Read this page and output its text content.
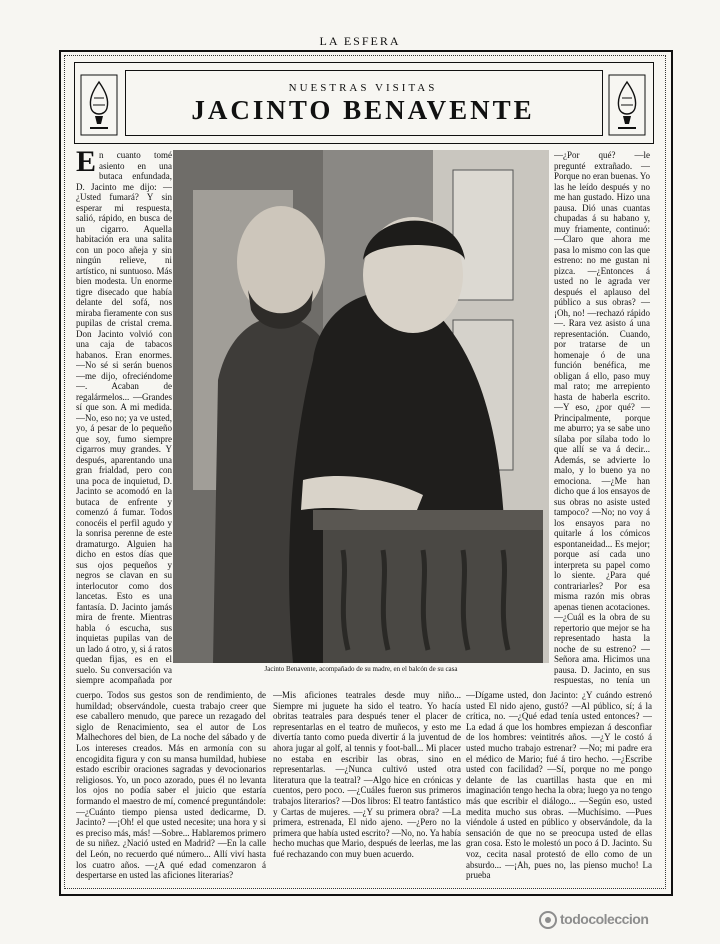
LA ESFERA
NUESTRAS VISITAS
JACINTO BENAVENTE
E n cuanto tomé asiento en una butaca enfundada, D. Jacinto me dijo: —¿Usted fumará? Y sin esperar mi respuesta, salió, rápido, en busca de un cigarro. Aquella habitación era una salita con un poco añeja y sin ningún relieve, ni artístico, ni suntuoso. Más bien modesta. Un enorme tigre disecado que había delante del sofá, nos miraba fieramente con sus pupilas de cristal crema. Don Jacinto volvió con una caja de tabacos habanos. Eran enormes. —No sé si serán buenos —me dijo, ofreciéndome—. Acaban de regalármelos... —Grandes sí que son. A mi medida. —No, eso no; ya ve usted, yo, á pesar de lo pequeño que soy, fumo siempre cigarros muy grandes. Y después, aparentando una gran frialdad, pero con una poca de inquietud, D. Jacinto se acomodó en la butaca de enfrente y comenzó á fumar. Todos conocéis el perfil agudo y la sonrisa perenne de este dramaturgo. Alguien ha dicho en estos días que sus ojos pequeños y negros se clavan en su interlocutor como dos lancetas. Esto es una fantasía. D. Jacinto jamás mira de frente. Mientras habla ó escucha, sus inquietas pupilas van de un lado á otro, y, si á ratos quedan fijas, es en el suelo. Su conversación va siempre acompañada por
Jacinto Benavente, acompañado de su madre, en el balcón de su casa
—¿Por qué? —le pregunté extrañado. —Porque no eran buenas. Yo las he leído después y no me han gustado. Hizo una pausa. Dió unas cuantas chupadas á su habano y, muy friamente, continuó: —Claro que ahora me pasa lo mismo con las que estreno: no me gustan ni pizca. —¿Entonces á usted no le agrada ver después el aplauso del público a sus obras? —¡Oh, no! —rechazó rápido—. Rara vez asisto á una representación. Cuando, por tratarse de un homenaje ó de una función benéfica, me obligan á ello, paso muy mal rato; me arrepiento hasta de haberla escrito. —Y eso, ¿por qué? —Principalmente, porque me aburro; ya se sabe uno sílaba por sílaba todo lo que allí se va á decir... Además, se advierte lo malo, y lo bueno ya no emociona. —¿Me han dicho que á los ensayos de sus obras no asiste usted tampoco? —No; no voy á los ensayos para no quitarle á los cómicos espontaneidad... Es mejor; porque así cada uno interpreta su papel como lo siente. ¿Para qué contrariarles? Por esa misma razón mis obras apenas tienen acotaciones. —¿Cuál es la obra de su repertorio que mejor se ha representado hasta la noche de su estreno? —Señora ama. Hicimos una pausa. D. Jacinto, en sus respuestas, no tenía un
cuerpo. Todos sus gestos son de rendimiento, de humildad; observándole, cuesta trabajo creer que ese caballero menudo, que parece un rezagado del siglo de Renacimiento, sea el autor de Los Malhechores del bien, de La noche del sábado y de Los intereses creados. Más en armonía con su encogidita figura y con su mansa humildad, hubiese estado escribir oraciones sagradas y devocionarios religiosos. Yo, un poco azorado, pues él no levanta los ojos no podía saber el juicio que estaría formando el maestro de mí, comencé preguntándole: —¿Cuánto tiempo piensa usted dedicarme, D. Jacinto? —¡Oh! el que usted necesite; una hora y si es preciso más, más! —Sobre... Hablaremos primero de su niñez. ¿Nació usted en Madrid? —En la calle del León, no recuerdo qué número... Allí viví hasta los cuatro años. —¿A qué edad comenzaron á despertarse en usted las aficiones literarias?
—Mis aficiones teatrales desde muy niño... Siempre mi juguete ha sido el teatro. Yo hacía obritas teatrales para después tener el placer de representarlas en el teatro de muñecos, y esto me divertía tanto como pueda divertir á la juventud de ahora jugar al golf, al tennis y foot-ball... Mi placer no estaba en escribir las obras, sino en representarlas. —¿Nunca cultivó usted otra literatura que la teatral? —Algo hice en crónicas y cuentos, pero poco. —¿Cuáles fueron sus primeros trabajos literarios? —Dos libros: El teatro fantástico y Cartas de mujeres. —¿Y su primera obra? —La primera, estrenada, El nido ajeno. —¿Pero no la primera que había usted escrito? —No, no. Ya había hecho muchas que Mario, después de leerlas, me las fué rechazando con muy buen acuerdo.
—Dígame usted, don Jacinto: ¿Y cuándo estrenó usted El nido ajeno, gustó? —Al público, sí; á la crítica, no. —¿Qué edad tenía usted entonces? —La edad á que los hombres empiezan á desconfiar de los hombres: veintitrés años. —¿Y le costó á usted mucho trabajo estrenar? —No; mi padre era el médico de Mario; fué á tiro hecho. —¿Escribe usted con facilidad? —Sí, porque no me pongo delante de las cuartillas hasta que en mi imaginación tengo hecha la obra; luego ya no tengo más que escribir el diálogo... —Según eso, usted medita mucho sus obras. —Muchísimo. —Pues viéndole á usted en público y observándole, da la sensación de que no se preocupa usted de ellas gran cosa. Esto le molestó un poco á D. Jacinto. Su voz, cecita nasal protestó de ello como de un absurdo... —¡Ah, pues no, las pienso mucho! La prueba
todocoleccion
